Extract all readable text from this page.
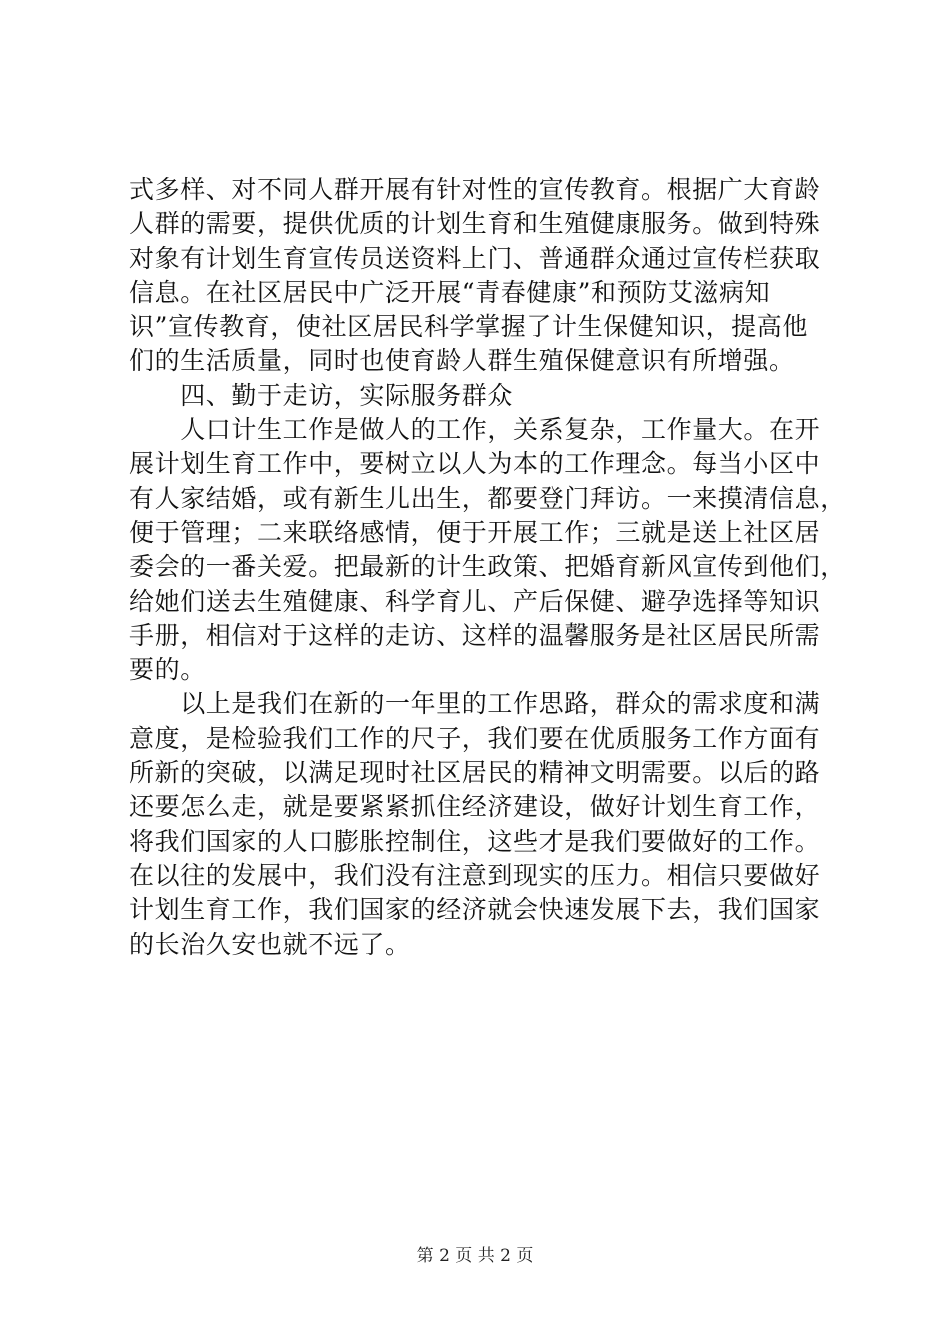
式多样、对不同人群开展有针对性的宣传教育。根据广大育龄
人群的需要，提供优质的计划生育和生殖健康服务。做到特殊
对象有计划生育宣传员送资料上门、普通群众通过宣传栏获取
信息。在社区居民中广泛开展“青春健康”和预防艾滋病知
识”宣传教育，使社区居民科学掌握了计生保健知识，提高他
们的生活质量，同时也使育龄人群生殖保健意识有所增强。
　　四、勤于走访，实际服务群众
　　人口计生工作是做人的工作，关系复杂，工作量大。在开
展计划生育工作中，要树立以人为本的工作理念。每当小区中
有人家结婚，或有新生儿出生，都要登门拜访。一来摸清信息，
便于管理；二来联络感情，便于开展工作；三就是送上社区居
委会的一番关爱。把最新的计生政策、把婚育新风宣传到他们，
给她们送去生殖健康、科学育儿、产后保健、避孕选择等知识
手册，相信对于这样的走访、这样的温馨服务是社区居民所需
要的。
　　以上是我们在新的一年里的工作思路，群众的需求度和满
意度，是检验我们工作的尺子，我们要在优质服务工作方面有
所新的突破，以满足现时社区居民的精神文明需要。以后的路
还要怎么走，就是要紧紧抓住经济建设，做好计划生育工作，
将我们国家的人口膨胀控制住，这些才是我们要做好的工作。
在以往的发展中，我们没有注意到现实的压力。相信只要做好
计划生育工作，我们国家的经济就会快速发展下去，我们国家
的长治久安也就不远了。
第 2 页 共 2 页
